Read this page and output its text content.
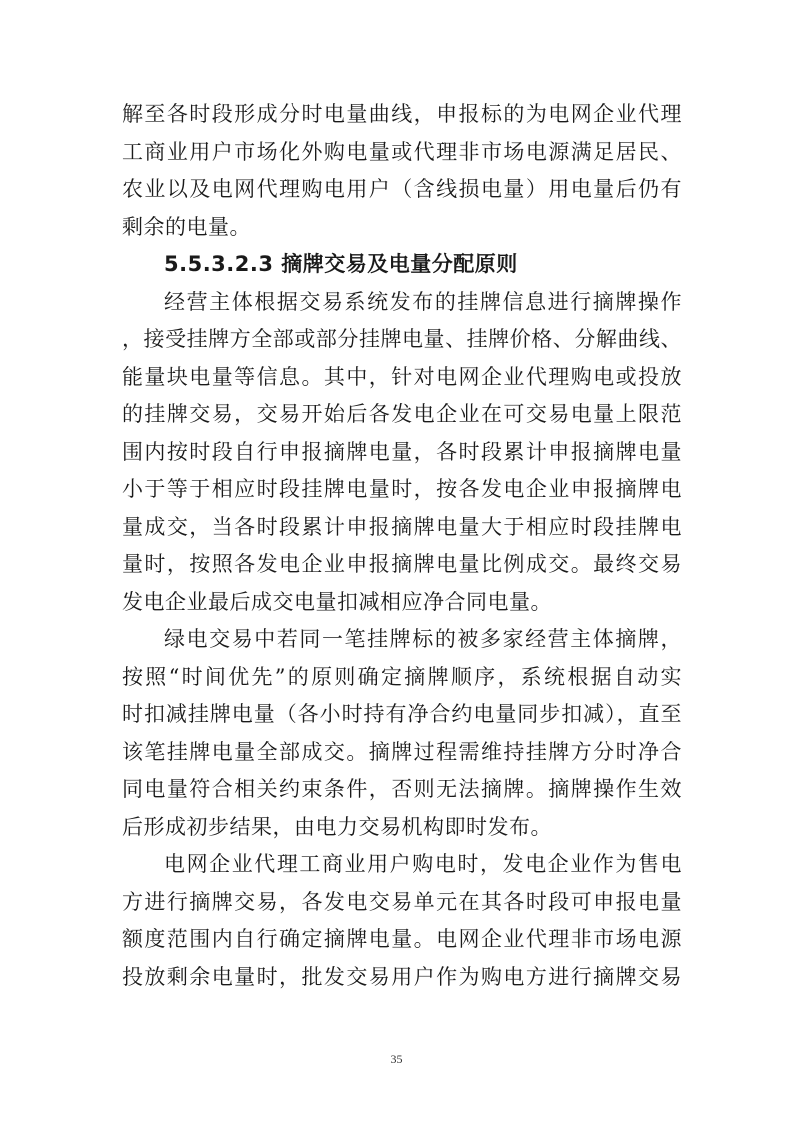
解至各时段形成分时电量曲线，申报标的为电网企业代理
工商业用户市场化外购电量或代理非市场电源满足居民、
农业以及电网代理购电用户（含线损电量）用电量后仍有
剩余的电量。
5.5.3.2.3 摘牌交易及电量分配原则
经营主体根据交易系统发布的挂牌信息进行摘牌操作
，接受挂牌方全部或部分挂牌电量、挂牌价格、分解曲线、
能量块电量等信息。其中，针对电网企业代理购电或投放
的挂牌交易，交易开始后各发电企业在可交易电量上限范
围内按时段自行申报摘牌电量，各时段累计申报摘牌电量
小于等于相应时段挂牌电量时，按各发电企业申报摘牌电
量成交，当各时段累计申报摘牌电量大于相应时段挂牌电
量时，按照各发电企业申报摘牌电量比例成交。最终交易
发电企业最后成交电量扣减相应净合同电量。
绿电交易中若同一笔挂牌标的被多家经营主体摘牌，
按照“时间优先”的原则确定摘牌顺序，系统根据自动实
时扣减挂牌电量（各小时持有净合约电量同步扣减），直至
该笔挂牌电量全部成交。摘牌过程需维持挂牌方分时净合
同电量符合相关约束条件，否则无法摘牌。摘牌操作生效
后形成初步结果，由电力交易机构即时发布。
电网企业代理工商业用户购电时，发电企业作为售电
方进行摘牌交易，各发电交易单元在其各时段可申报电量
额度范围内自行确定摘牌电量。电网企业代理非市场电源
投放剩余电量时，批发交易用户作为购电方进行摘牌交易
35
